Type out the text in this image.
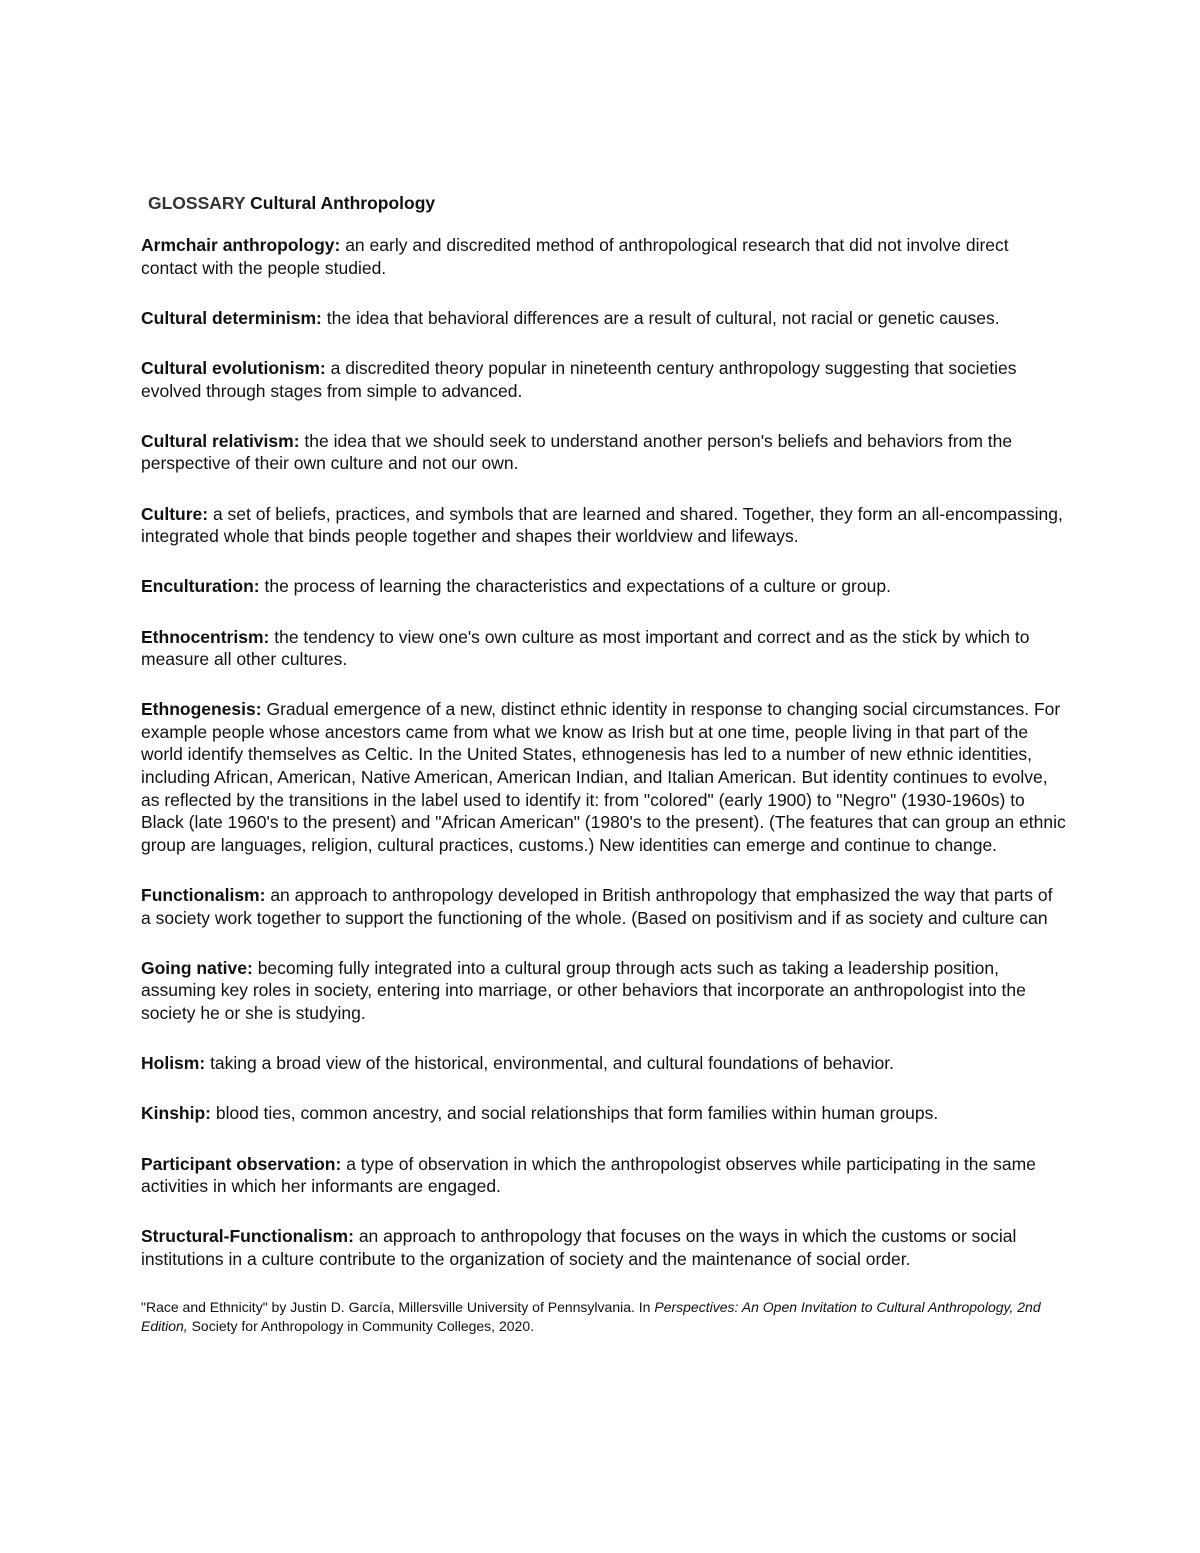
GLOSSARY Cultural Anthropology
Armchair anthropology: an early and discredited method of anthropological research that did not involve direct contact with the people studied.
Cultural determinism: the idea that behavioral differences are a result of cultural, not racial or genetic causes.
Cultural evolutionism: a discredited theory popular in nineteenth century anthropology suggesting that societies evolved through stages from simple to advanced.
Cultural relativism: the idea that we should seek to understand another person's beliefs and behaviors from the perspective of their own culture and not our own.
Culture: a set of beliefs, practices, and symbols that are learned and shared. Together, they form an all-encompassing, integrated whole that binds people together and shapes their worldview and lifeways.
Enculturation: the process of learning the characteristics and expectations of a culture or group.
Ethnocentrism: the tendency to view one's own culture as most important and correct and as the stick by which to measure all other cultures.
Ethnogenesis: Gradual emergence of a new, distinct ethnic identity in response to changing social circumstances. For example people whose ancestors came from what we know as Irish but at one time, people living in that part of the world identify themselves as Celtic. In the United States, ethnogenesis has led to a number of new ethnic identities, including African, American, Native American, American Indian, and Italian American. But identity continues to evolve, as reflected by the transitions in the label used to identify it: from "colored" (early 1900) to "Negro" (1930-1960s) to Black (late 1960's to the present) and "African American" (1980's to the present). (The features that can group an ethnic group are languages, religion, cultural practices, customs.) New identities can emerge and continue to change.
Functionalism: an approach to anthropology developed in British anthropology that emphasized the way that parts of a society work together to support the functioning of the whole. (Based on positivism and if as society and culture can
Going native: becoming fully integrated into a cultural group through acts such as taking a leadership position, assuming key roles in society, entering into marriage, or other behaviors that incorporate an anthropologist into the society he or she is studying.
Holism: taking a broad view of the historical, environmental, and cultural foundations of behavior.
Kinship: blood ties, common ancestry, and social relationships that form families within human groups.
Participant observation: a type of observation in which the anthropologist observes while participating in the same activities in which her informants are engaged.
Structural-Functionalism: an approach to anthropology that focuses on the ways in which the customs or social institutions in a culture contribute to the organization of society and the maintenance of social order.
"Race and Ethnicity" by Justin D. García, Millersville University of Pennsylvania. In Perspectives: An Open Invitation to Cultural Anthropology, 2nd Edition, Society for Anthropology in Community Colleges, 2020.
